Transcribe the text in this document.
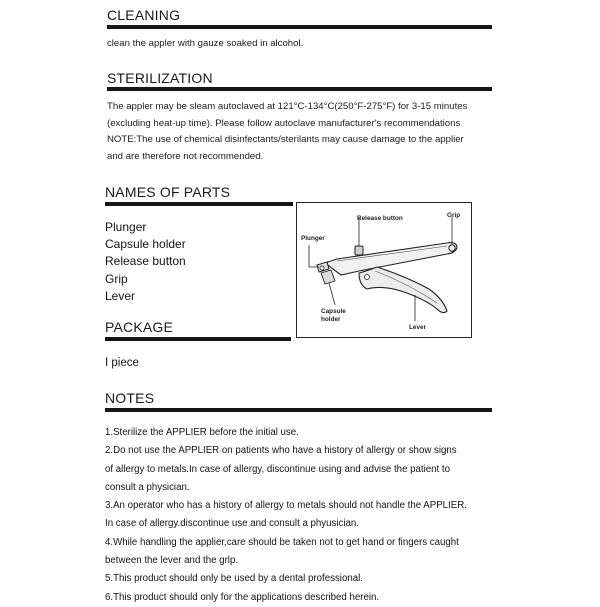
CLEANING
clean the appler with gauze soaked in alcohol.
STERILIZATION
The appler may be sleam autoclaved at 121°C-134°C(250°F-275°F) for 3-15 minutes
(excluding heat-up time). Please follow autoclave manufacturer's recommendations
NOTE:The use of chemical disinfectants/sterilants may cause damage to the applier
and are therefore not recommended.
NAMES OF PARTS
Plunger
Capsule holder
Release button
Grip
Lever
Release button	Grip
Plunger
Capsule
holder
Lever
PACKAGE
I piece
NOTES
1.Sterilize the APPLIER before the initial use.
2.Do not use the APPLIER on patients who have a history of allergy or show signs
of allergy to metals.In case of allergy, discontinue using and advise the patient to
consult a physician.
3.An operator who has a history of allergy to metals should not handle the APPLIER.
In case of allergy.discontinue use and consult a phyusician.
4.While handling the applier,care should be taken not to get hand or fingers caught
between the lever and the grlp.
5.This product should only be used by a dental professional.
6.This product should only for the applications described herein.
